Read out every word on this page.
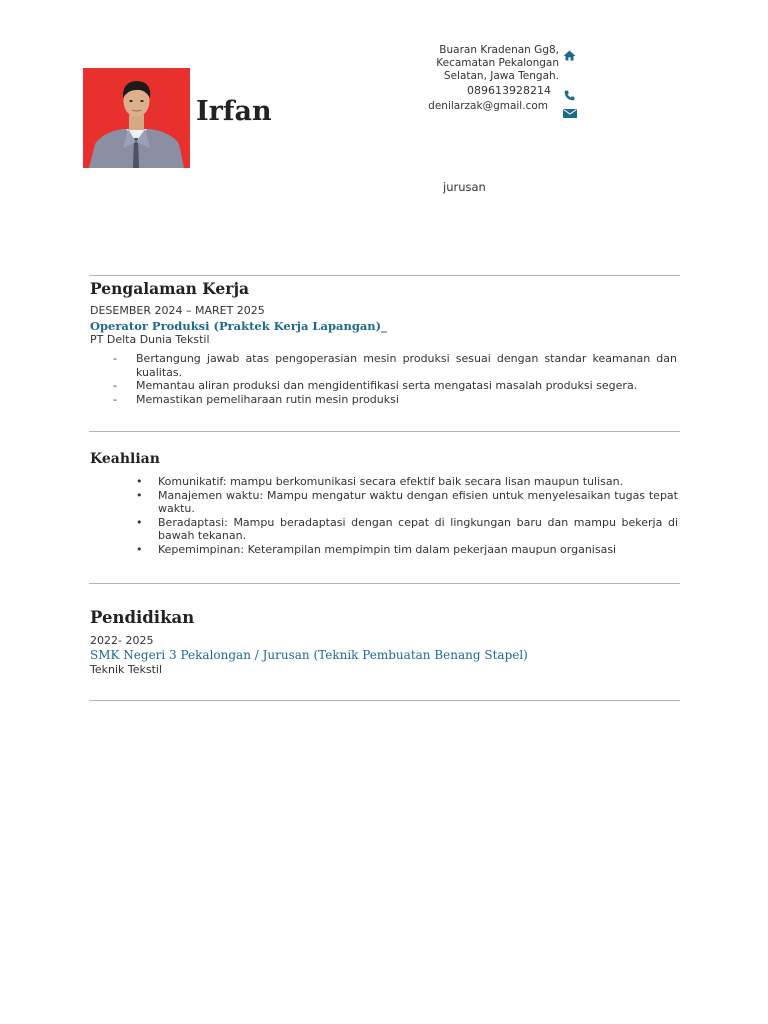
Irfan
Buaran Kradenan Gg8, Kecamatan Pekalongan Selatan, Jawa Tengah.
089613928214
denilarzak@gmail.com
jurusan
Pengalaman Kerja
DESEMBER 2024 – MARET 2025
Operator Produksi (Praktek Kerja Lapangan)_
PT Delta Dunia Tekstil
- Bertangung jawab atas pengoperasian mesin produksi sesuai dengan standar keamanan dan kualitas.
- Memantau aliran produksi dan mengidentifikasi serta mengatasi masalah produksi segera.
- Memastikan pemeliharaan rutin mesin produksi
Keahlian
• Komunikatif: mampu berkomunikasi secara efektif baik secara lisan maupun tulisan.
• Manajemen waktu: Mampu mengatur waktu dengan efisien untuk menyelesaikan tugas tepat waktu.
• Beradaptasi: Mampu beradaptasi dengan cepat di lingkungan baru dan mampu bekerja di bawah tekanan.
• Kepemimpinan: Keterampilan mempimpin tim dalam pekerjaan maupun organisasi
Pendidikan
2022- 2025
SMK Negeri 3 Pekalongan / Jurusan (Teknik Pembuatan Benang Stapel)
Teknik Tekstil
